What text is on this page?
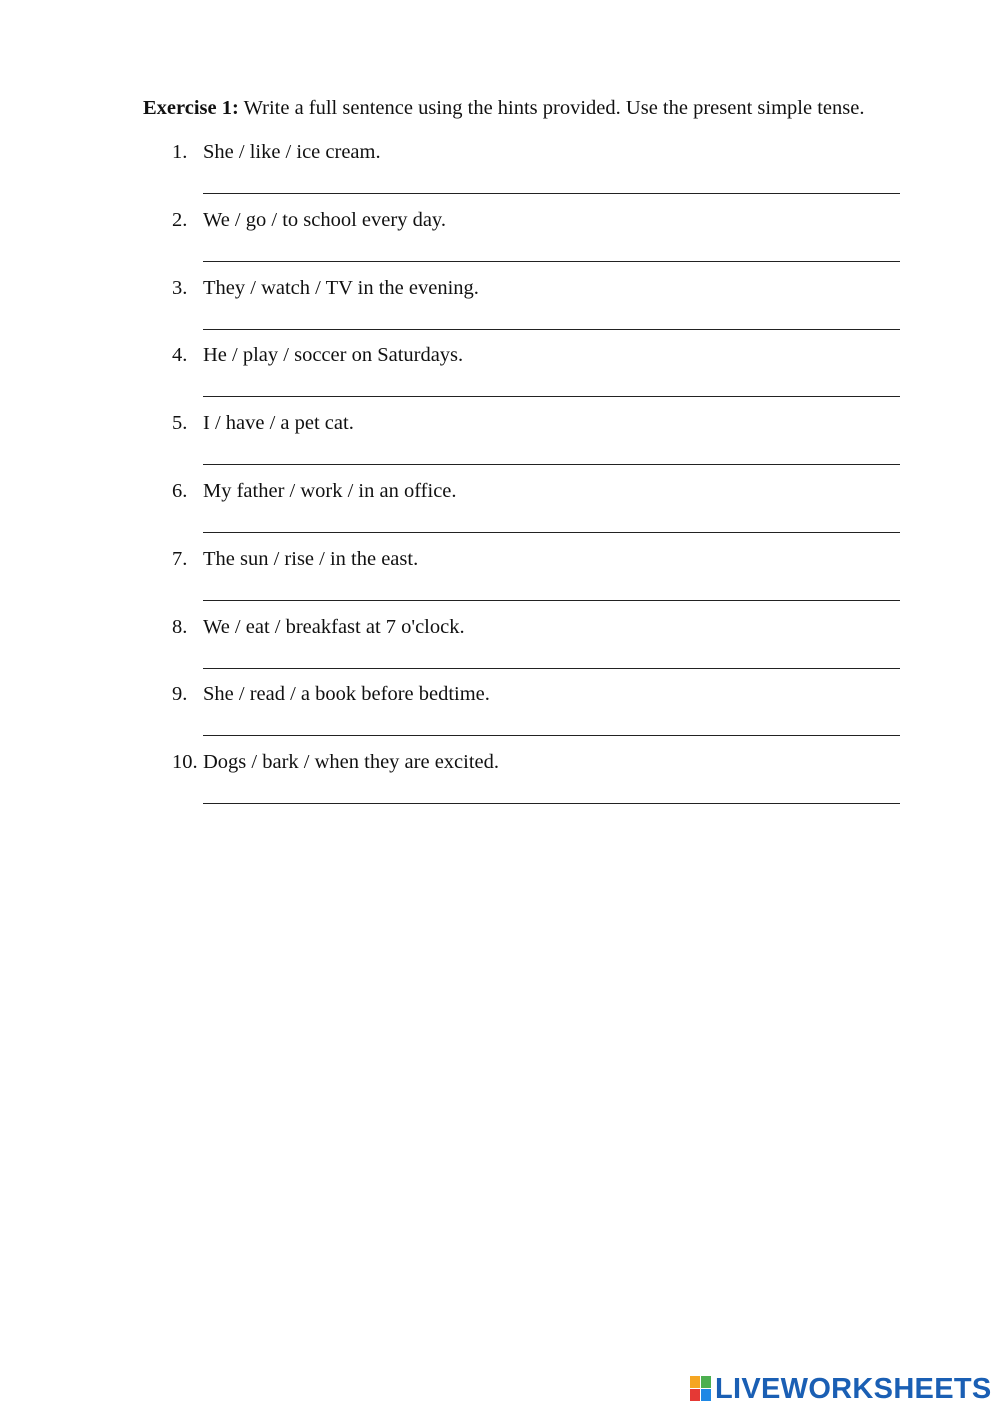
Exercise 1: Write a full sentence using the hints provided. Use the present simple tense.
1. She / like / ice cream.
2. We / go / to school every day.
3. They / watch / TV in the evening.
4. He / play / soccer on Saturdays.
5. I / have / a pet cat.
6. My father / work / in an office.
7. The sun / rise / in the east.
8. We / eat / breakfast at 7 o'clock.
9. She / read / a book before bedtime.
10. Dogs / bark / when they are excited.
LIVEWORKSHEETS
